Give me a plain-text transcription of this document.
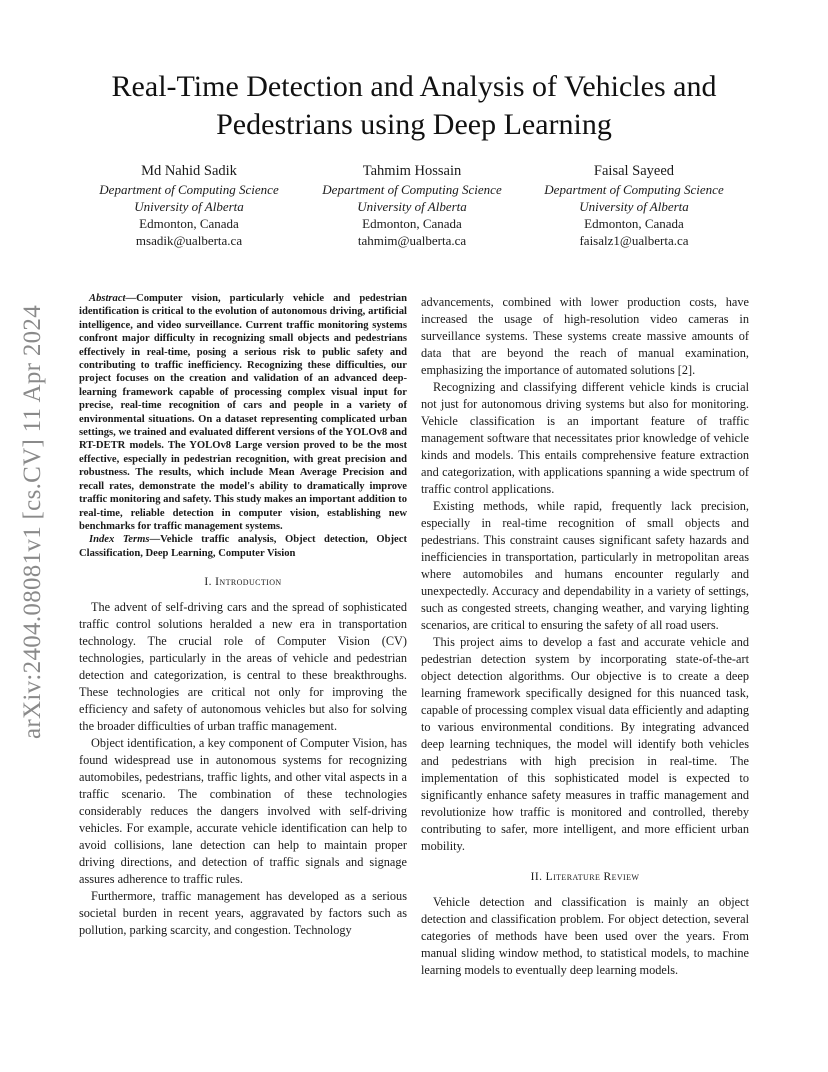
Real-Time Detection and Analysis of Vehicles and Pedestrians using Deep Learning
Md Nahid Sadik
Department of Computing Science
University of Alberta
Edmonton, Canada
msadik@ualberta.ca
Tahmim Hossain
Department of Computing Science
University of Alberta
Edmonton, Canada
tahmim@ualberta.ca
Faisal Sayeed
Department of Computing Science
University of Alberta
Edmonton, Canada
faisalz1@ualberta.ca
arXiv:2404.08081v1 [cs.CV] 11 Apr 2024

Abstract—Computer vision, particularly vehicle and pedestrian identification is critical to the evolution of autonomous driving, artificial intelligence, and video surveillance. Current traffic monitoring systems confront major difficulty in recognizing small objects and pedestrians effectively in real-time, posing a serious risk to public safety and contributing to traffic inefficiency. Recognizing these difficulties, our project focuses on the creation and validation of an advanced deep-learning framework capable of processing complex visual input for precise, real-time recognition of cars and people in a variety of environmental situations. On a dataset representing complicated urban settings, we trained and evaluated different versions of the YOLOv8 and RT-DETR models. The YOLOv8 Large version proved to be the most effective, especially in pedestrian recognition, with great precision and robustness. The results, which include Mean Average Precision and recall rates, demonstrate the model's ability to dramatically improve traffic monitoring and safety. This study makes an important addition to real-time, reliable detection in computer vision, establishing new benchmarks for traffic management systems.

Index Terms—Vehicle traffic analysis, Object detection, Object Classification, Deep Learning, Computer Vision

I. Introduction

The advent of self-driving cars and the spread of sophisticated traffic control solutions heralded a new era in transportation technology. The crucial role of Computer Vision (CV) technologies, particularly in the areas of vehicle and pedestrian detection and categorization, is central to these breakthroughs. These technologies are critical not only for improving the efficiency and safety of autonomous vehicles but also for solving the broader difficulties of urban traffic management.

Object identification, a key component of Computer Vision, has found widespread use in autonomous systems for recognizing automobiles, pedestrians, traffic lights, and other vital aspects in a traffic scenario. The combination of these technologies considerably reduces the dangers involved with self-driving vehicles. For example, accurate vehicle identification can help to avoid collisions, lane detection can help to maintain proper driving directions, and detection of traffic signals and signage assures adherence to traffic rules.

Furthermore, traffic management has developed as a serious societal burden in recent years, aggravated by factors such as pollution, parking scarcity, and congestion. Technology

advancements, combined with lower production costs, have increased the usage of high-resolution video cameras in surveillance systems. These systems create massive amounts of data that are beyond the reach of manual examination, emphasizing the importance of automated solutions [2].

Recognizing and classifying different vehicle kinds is crucial not just for autonomous driving systems but also for monitoring. Vehicle classification is an important feature of traffic management software that necessitates prior knowledge of vehicle kinds and models. This entails comprehensive feature extraction and categorization, with applications spanning a wide spectrum of traffic control applications.

Existing methods, while rapid, frequently lack precision, especially in real-time recognition of small objects and pedestrians. This constraint causes significant safety hazards and inefficiencies in transportation, particularly in metropolitan areas where automobiles and humans encounter regularly and unexpectedly. Accuracy and dependability in a variety of settings, such as congested streets, changing weather, and varying lighting scenarios, are critical to ensuring the safety of all road users.

This project aims to develop a fast and accurate vehicle and pedestrian detection system by incorporating state-of-the-art object detection algorithms. Our objective is to create a deep learning framework specifically designed for this nuanced task, capable of processing complex visual data efficiently and adapting to various environmental conditions. By integrating advanced deep learning techniques, the model will identify both vehicles and pedestrians with high precision in real-time. The implementation of this sophisticated model is expected to significantly enhance safety measures in traffic management and revolutionize how traffic is monitored and controlled, thereby contributing to safer, more intelligent, and more efficient urban mobility.

II. Literature Review

Vehicle detection and classification is mainly an object detection and classification problem. For object detection, several categories of methods have been used over the years. From manual sliding window method, to statistical models, to machine learning models to eventually deep learning models.
